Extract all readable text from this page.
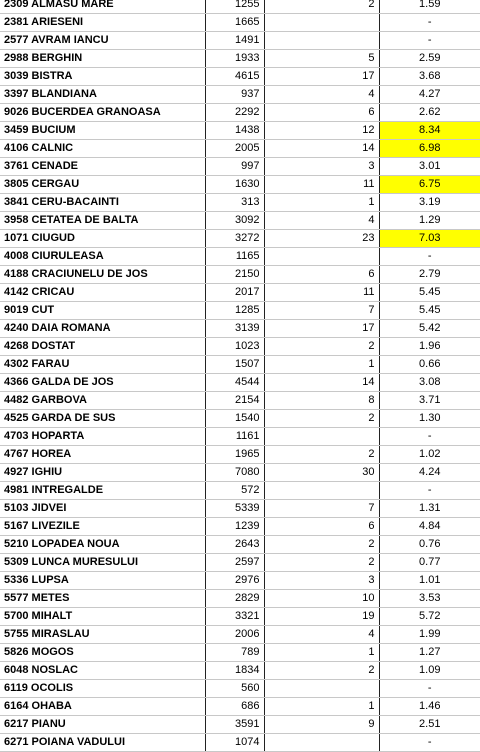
2309 ALMASU MARE	1255	2	1.59
2381 ARIESENI	1665		-
2577 AVRAM IANCU	1491		-
2988 BERGHIN	1933	5	2.59
3039 BISTRA	4615	17	3.68
3397 BLANDIANA	937	4	4.27
9026 BUCERDEA GRANOASA	2292	6	2.62
3459 BUCIUM	1438	12	8.34
4106 CALNIC	2005	14	6.98
3761 CENADE	997	3	3.01
3805 CERGAU	1630	11	6.75
3841 CERU-BACAINTI	313	1	3.19
3958 CETATEA DE BALTA	3092	4	1.29
1071 CIUGUD	3272	23	7.03
4008 CIURULEASA	1165		-
4188 CRACIUNELU DE JOS	2150	6	2.79
4142 CRICAU	2017	11	5.45
9019 CUT	1285	7	5.45
4240 DAIA ROMANA	3139	17	5.42
4268 DOSTAT	1023	2	1.96
4302 FARAU	1507	1	0.66
4366 GALDA DE JOS	4544	14	3.08
4482 GARBOVA	2154	8	3.71
4525 GARDA DE SUS	1540	2	1.30
4703 HOPARTA	1161		-
4767 HOREA	1965	2	1.02
4927 IGHIU	7080	30	4.24
4981 INTREGALDE	572		-
5103 JIDVEI	5339	7	1.31
5167 LIVEZILE	1239	6	4.84
5210 LOPADEA NOUA	2643	2	0.76
5309 LUNCA MURESULUI	2597	2	0.77
5336 LUPSA	2976	3	1.01
5577 METES	2829	10	3.53
5700 MIHALT	3321	19	5.72
5755 MIRASLAU	2006	4	1.99
5826 MOGOS	789	1	1.27
6048 NOSLAC	1834	2	1.09
6119 OCOLIS	560		-
6164 OHABA	686	1	1.46
6217 PIANU	3591	9	2.51
6271 POIANA VADULUI	1074		-
